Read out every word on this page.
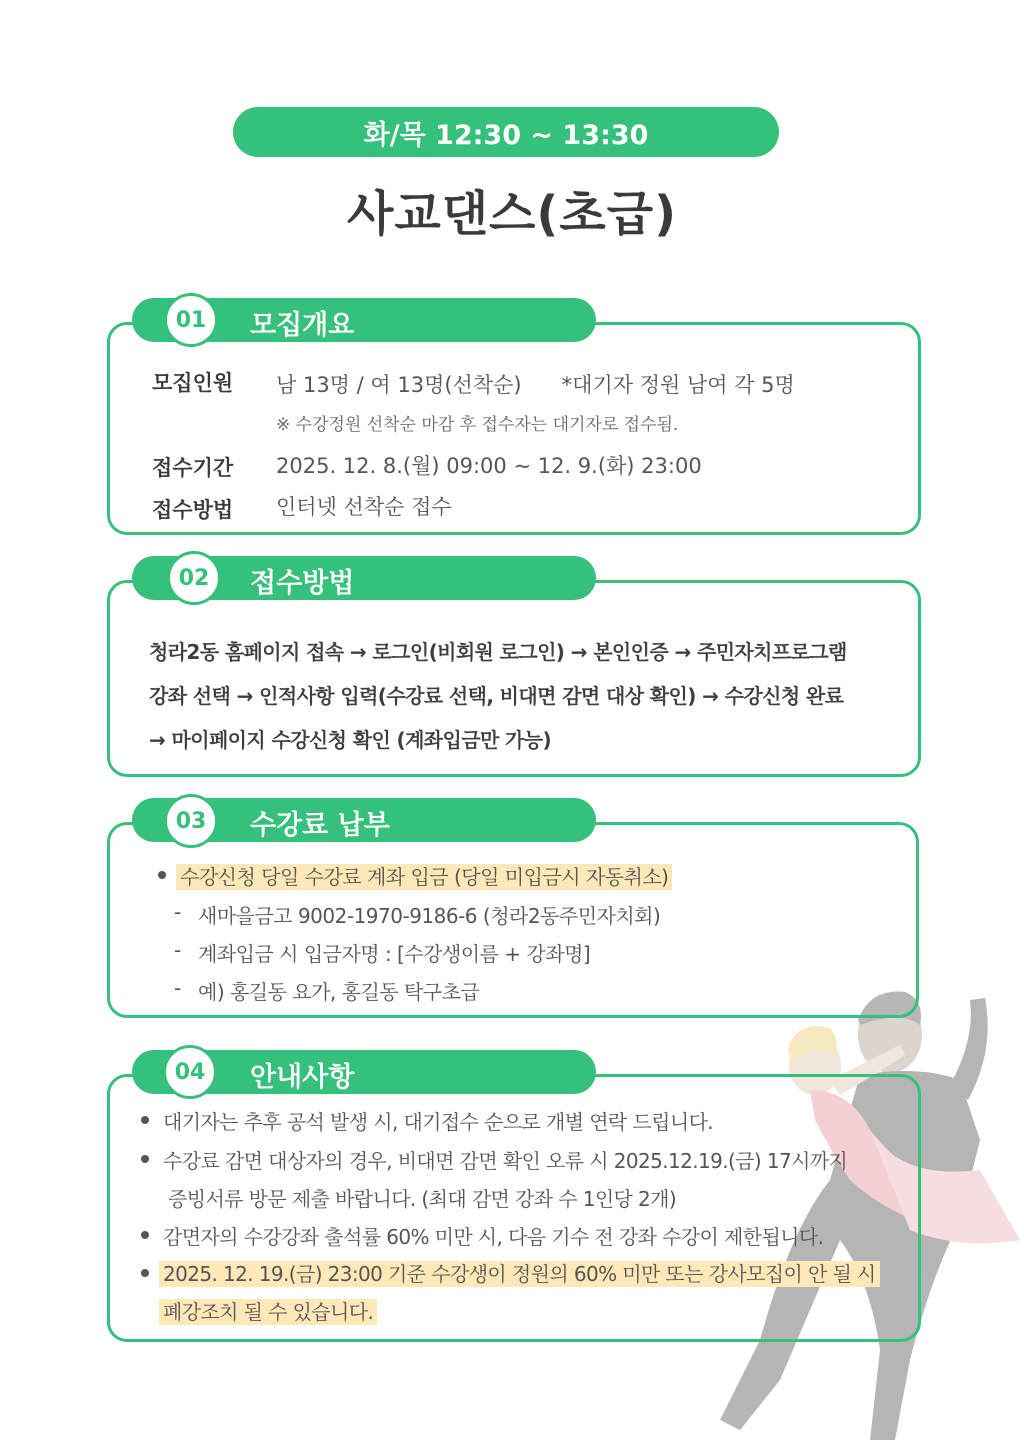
화/목 12:30 ~ 13:30
사교댄스(초급)
모집개요
01
모집인원 남 13명 / 여 13명(선착순)      *대기자 정원 남여 각 5명
※ 수강정원 선착순 마감 후 접수자는 대기자로 접수됨.
접수기간 2025. 12. 8.(월) 09:00 ~ 12. 9.(화) 23:00
접수방법 인터넷 선착순 접수
접수방법
02
청라2동 홈페이지 접속 → 로그인(비회원 로그인) → 본인인증 → 주민자치프로그램
강좌 선택 → 인적사항 입력(수강료 선택, 비대면 감면 대상 확인) → 수강신청 완료
→ 마이페이지 수강신청 확인 (계좌입금만 가능)
수강료 납부
03
수강신청 당일 수강료 계좌 입금 (당일 미입금시 자동취소)
- 새마을금고 9002-1970-9186-6 (청라2동주민자치회)
- 계좌입금 시 입금자명 : [수강생이름 + 강좌명]
- 예) 홍길동 요가, 홍길동 탁구초급
안내사항
04
대기자는 추후 공석 발생 시, 대기접수 순으로 개별 연락 드립니다.
수강료 감면 대상자의 경우, 비대면 감면 확인 오류 시 2025.12.19.(금) 17시까지
증빙서류 방문 제출 바랍니다. (최대 감면 강좌 수 1인당 2개)
감면자의 수강강좌 출석률 60% 미만 시, 다음 기수 전 강좌 수강이 제한됩니다.
2025. 12. 19.(금) 23:00 기준 수강생이 정원의 60% 미만 또는 강사모집이 안 될 시
폐강조치 될 수 있습니다.
